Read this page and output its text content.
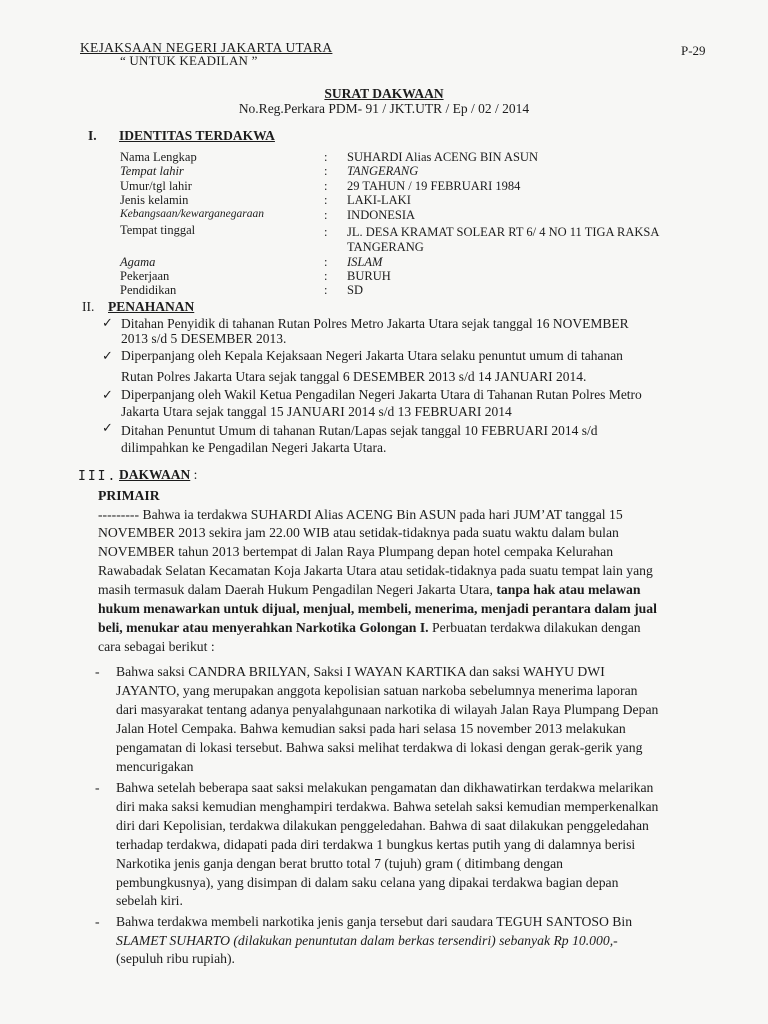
KEJAKSAAN NEGERI JAKARTA UTARA
“ UNTUK KEADILAN ”
P-29
SURAT DAKWAAN
No.Reg.Perkara PDM- 91 / JKT.UTR / Ep / 02 / 2014
I. IDENTITAS TERDAKWA
Nama Lengkap	: SUHARDI Alias ACENG BIN ASUN
Tempat lahir	: TANGERANG
Umur/tgl lahir	: 29 TAHUN / 19 FEBRUARI 1984
Jenis kelamin	: LAKI-LAKI
Kebangsaan/kewarganegaraan	: INDONESIA
Tempat tinggal	: JL. DESA KRAMAT SOLEAR RT 6/ 4 NO 11 TIGA RAKSA
TANGERANG
Agama	: ISLAM
Pekerjaan	: BURUH
Pendidikan	: SD
II. PENAHANAN
✓ Ditahan Penyidik di tahanan Rutan Polres Metro Jakarta Utara sejak tanggal 16 NOVEMBER
2013 s/d 5 DESEMBER 2013.
✓ Diperpanjang oleh Kepala Kejaksaan Negeri Jakarta Utara selaku penuntut umum di tahanan
Rutan Polres Jakarta Utara sejak tanggal 6 DESEMBER 2013 s/d 14 JANUARI 2014.
✓ Diperpanjang oleh Wakil Ketua Pengadilan Negeri Jakarta Utara di Tahanan Rutan Polres Metro
Jakarta Utara sejak tanggal 15 JANUARI 2014 s/d 13 FEBRUARI 2014
✓ Ditahan Penuntut Umum di tahanan Rutan/Lapas sejak tanggal 10 FEBRUARI 2014 s/d
dilimpahkan ke Pengadilan Negeri Jakarta Utara.
III. DAKWAAN :
PRIMAIR
--------- Bahwa ia terdakwa SUHARDI Alias ACENG Bin ASUN pada hari JUM’AT tanggal 15
NOVEMBER 2013 sekira jam 22.00 WIB atau setidak-tidaknya pada suatu waktu dalam bulan
NOVEMBER tahun 2013 bertempat di Jalan Raya Plumpang depan hotel cempaka Kelurahan
Rawabadak Selatan Kecamatan Koja Jakarta Utara atau setidak-tidaknya pada suatu tempat lain yang
masih termasuk dalam Daerah Hukum Pengadilan Negeri Jakarta Utara, tanpa hak atau melawan
hukum menawarkan untuk dijual, menjual, membeli, menerima, menjadi perantara dalam jual
beli, menukar atau menyerahkan Narkotika Golongan I. Perbuatan terdakwa dilakukan dengan
cara sebagai berikut :
- Bahwa saksi CANDRA BRILYAN, Saksi I WAYAN KARTIKA dan saksi WAHYU DWI
JAYANTO, yang merupakan anggota kepolisian satuan narkoba sebelumnya menerima laporan
dari masyarakat tentang adanya penyalahgunaan narkotika di wilayah Jalan Raya Plumpang Depan
Jalan Hotel Cempaka. Bahwa kemudian saksi pada hari selasa 15 november 2013 melakukan
pengamatan di lokasi tersebut. Bahwa saksi melihat terdakwa di lokasi dengan gerak-gerik yang
mencurigakan
- Bahwa setelah beberapa saat saksi melakukan pengamatan dan dikhawatirkan terdakwa melarikan
diri maka saksi kemudian menghampiri terdakwa. Bahwa setelah saksi kemudian memperkenalkan
diri dari Kepolisian, terdakwa dilakukan penggeledahan. Bahwa di saat dilakukan penggeledahan
terhadap terdakwa, didapati pada diri terdakwa 1 bungkus kertas putih yang di dalamnya berisi
Narkotika jenis ganja dengan berat brutto total 7 (tujuh) gram ( ditimbang dengan
pembungkusnya), yang disimpan di dalam saku celana yang dipakai terdakwa bagian depan
sebelah kiri.
- Bahwa terdakwa membeli narkotika jenis ganja tersebut dari saudara TEGUH SANTOSO Bin
SLAMET SUHARTO (dilakukan penuntutan dalam berkas tersendiri) sebanyak Rp 10.000,-
(sepuluh ribu rupiah).
